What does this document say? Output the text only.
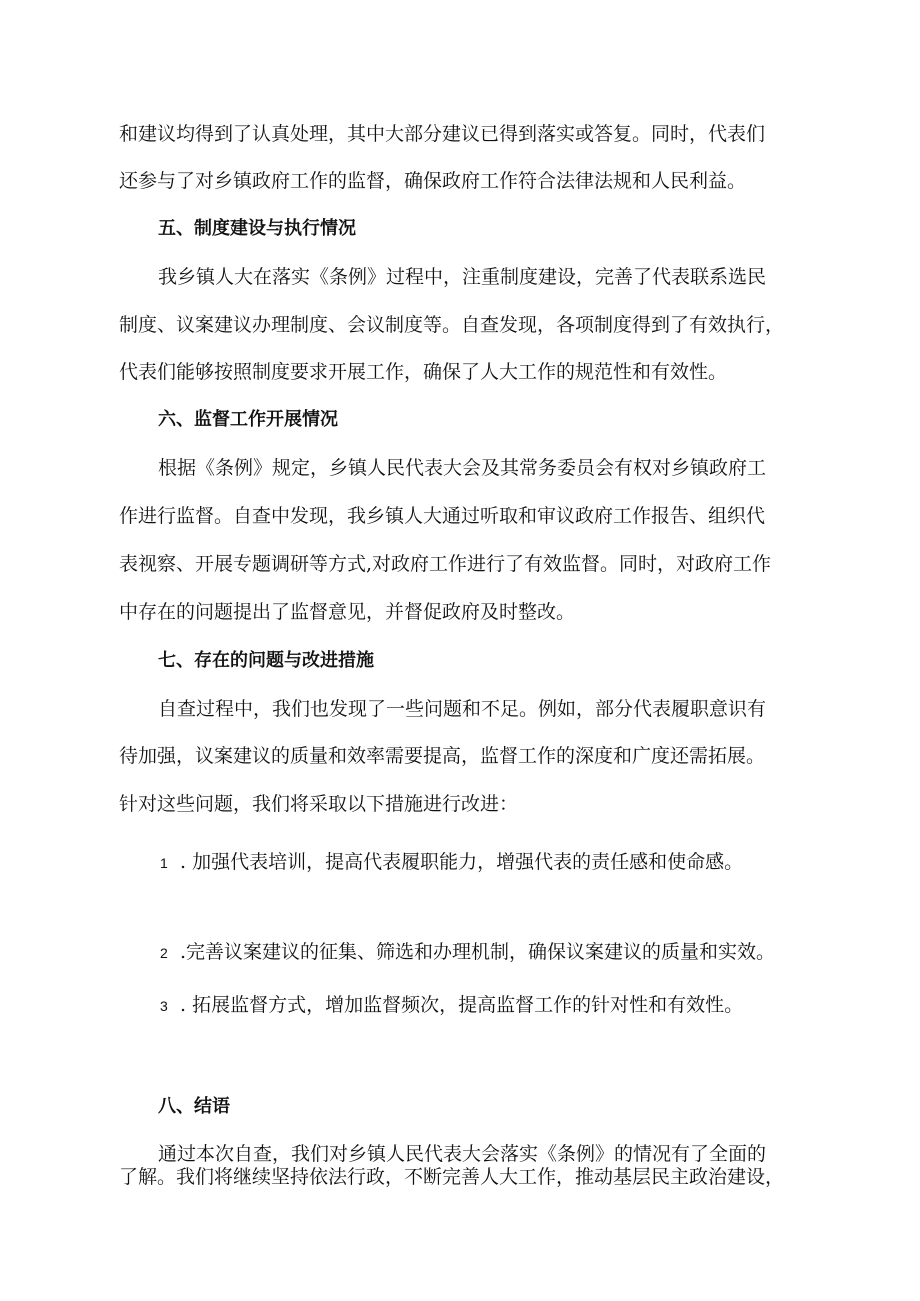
和建议均得到了认真处理，其中大部分建议已得到落实或答复。同时，代表们

还参与了对乡镇政府工作的监督，确保政府工作符合法律法规和人民利益。

五、制度建设与执行情况

我乡镇人大在落实《条例》过程中，注重制度建设，完善了代表联系选民

制度、议案建议办理制度、会议制度等。自查发现，各项制度得到了有效执行，

代表们能够按照制度要求开展工作，确保了人大工作的规范性和有效性。

六、监督工作开展情况

根据《条例》规定，乡镇人民代表大会及其常务委员会有权对乡镇政府工

作进行监督。自查中发现，我乡镇人大通过听取和审议政府工作报告、组织代

表视察、开展专题调研等方式,对政府工作进行了有效监督。同时，对政府工作

中存在的问题提出了监督意见，并督促政府及时整改。

七、存在的问题与改进措施

自查过程中，我们也发现了一些问题和不足。例如，部分代表履职意识有

待加强，议案建议的质量和效率需要提高，监督工作的深度和广度还需拓展。

针对这些问题，我们将采取以下措施进行改进：

1 . 加强代表培训，提高代表履职能力，增强代表的责任感和使命感。

2 .完善议案建议的征集、筛选和办理机制，确保议案建议的质量和实效。

3 . 拓展监督方式，增加监督频次，提高监督工作的针对性和有效性。

八、结语

通过本次自查，我们对乡镇人民代表大会落实《条例》的情况有了全面的

了解。我们将继续坚持依法行政，不断完善人大工作，推动基层民主政治建设，
